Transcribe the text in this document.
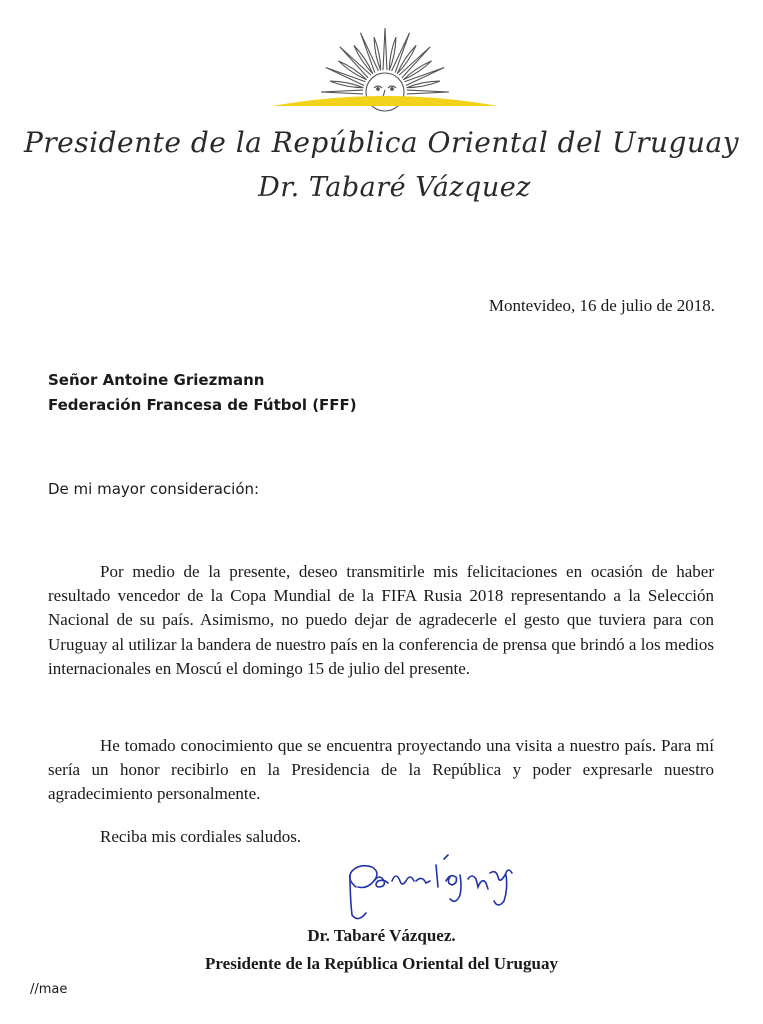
Presidente de la República Oriental del Uruguay
Dr. Tabaré Vázquez
Montevideo, 16 de julio de 2018.
Señor Antoine Griezmann
Federación Francesa de Fútbol (FFF)
De mi mayor consideración:

Por medio de la presente, deseo transmitirle mis felicitaciones en ocasión de haber resultado vencedor de la Copa Mundial de la FIFA Rusia 2018 representando a la Selección Nacional de su país. Asimismo, no puedo dejar de agradecerle el gesto que tuviera para con Uruguay al utilizar la bandera de nuestro país en la conferencia de prensa que brindó a los medios internacionales en Moscú el domingo 15 de julio del presente.

He tomado conocimiento que se encuentra proyectando una visita a nuestro país. Para mí sería un honor recibirlo en la Presidencia de la República y poder expresarle nuestro agradecimiento personalmente.

Reciba mis cordiales saludos.
Dr. Tabaré Vázquez.
Presidente de la República Oriental del Uruguay
//mae
